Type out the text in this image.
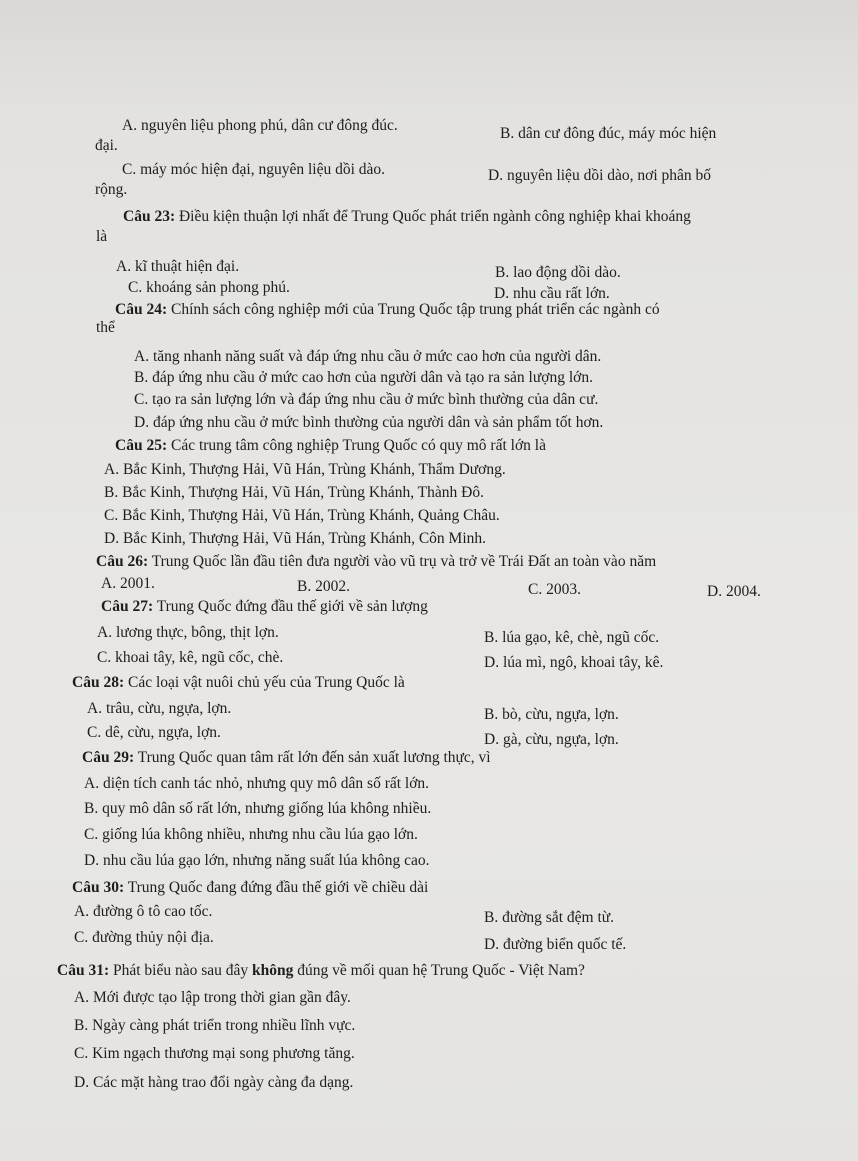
A. nguyên liệu phong phú, dân cư đông đúc.	B. dân cư đông đúc, máy móc hiện
đại.
C. máy móc hiện đại, nguyên liệu dồi dào.	D. nguyên liệu dồi dào, nơi phân bố
rộng.
Câu 23: Điều kiện thuận lợi nhất để Trung Quốc phát triển ngành công nghiệp khai khoáng
là
A. kĩ thuật hiện đại.	B. lao động dồi dào.
C. khoáng sản phong phú.	D. nhu cầu rất lớn.
Câu 24: Chính sách công nghiệp mới của Trung Quốc tập trung phát triển các ngành có
thể
A. tăng nhanh năng suất và đáp ứng nhu cầu ở mức cao hơn của người dân.
B. đáp ứng nhu cầu ở mức cao hơn của người dân và tạo ra sản lượng lớn.
C. tạo ra sản lượng lớn và đáp ứng nhu cầu ở mức bình thường của dân cư.
D. đáp ứng nhu cầu ở mức bình thường của người dân và sản phẩm tốt hơn.
Câu 25: Các trung tâm công nghiệp Trung Quốc có quy mô rất lớn là
A. Bắc Kinh, Thượng Hải, Vũ Hán, Trùng Khánh, Thẩm Dương.
B. Bắc Kinh, Thượng Hải, Vũ Hán, Trùng Khánh, Thành Đô.
C. Bắc Kinh, Thượng Hải, Vũ Hán, Trùng Khánh, Quảng Châu.
D. Bắc Kinh, Thượng Hải, Vũ Hán, Trùng Khánh, Côn Minh.
Câu 26: Trung Quốc lần đầu tiên đưa người vào vũ trụ và trở về Trái Đất an toàn vào năm
A. 2001.	B. 2002.	C. 2003.	D. 2004.
Câu 27: Trung Quốc đứng đầu thế giới về sản lượng
A. lương thực, bông, thịt lợn.	B. lúa gạo, kê, chè, ngũ cốc.
C. khoai tây, kê, ngũ cốc, chè.	D. lúa mì, ngô, khoai tây, kê.
Câu 28: Các loại vật nuôi chủ yếu của Trung Quốc là
A. trâu, cừu, ngựa, lợn.	B. bò, cừu, ngựa, lợn.
C. dê, cừu, ngựa, lợn.	D. gà, cừu, ngựa, lợn.
Câu 29: Trung Quốc quan tâm rất lớn đến sản xuất lương thực, vì
A. diện tích canh tác nhỏ, nhưng quy mô dân số rất lớn.
B. quy mô dân số rất lớn, nhưng giống lúa không nhiều.
C. giống lúa không nhiều, nhưng nhu cầu lúa gạo lớn.
D. nhu cầu lúa gạo lớn, nhưng năng suất lúa không cao.
Câu 30: Trung Quốc đang đứng đầu thế giới về chiều dài
A. đường ô tô cao tốc.	B. đường sắt đệm từ.
C. đường thủy nội địa.	D. đường biển quốc tế.
Câu 31: Phát biểu nào sau đây không đúng về mối quan hệ Trung Quốc - Việt Nam?
A. Mới được tạo lập trong thời gian gần đây.
B. Ngày càng phát triển trong nhiều lĩnh vực.
C. Kim ngạch thương mại song phương tăng.
D. Các mặt hàng trao đổi ngày càng đa dạng.
